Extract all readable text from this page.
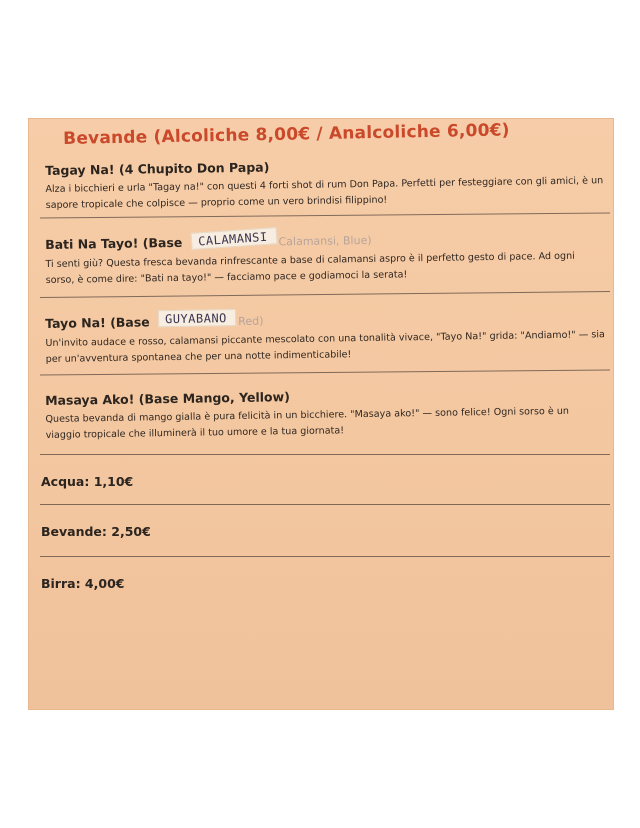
Bevande (Alcoliche 8,00€ / Analcoliche 6,00€)
Tagay Na! (4 Chupito Don Papa)
Alza i bicchieri e urla "Tagay na!" con questi 4 forti shot di rum Don Papa. Perfetti per festeggiare con gli amici, è un sapore tropicale che colpisce — proprio come un vero brindisi filippino!
Bati Na Tayo! (Base CALAMANSI Calamansi, Blue)
Ti senti giù? Questa fresca bevanda rinfrescante a base di calamansi aspro è il perfetto gesto di pace. Ad ogni sorso, è come dire: "Bati na tayo!" — facciamo pace e godiamoci la serata!
Tayo Na! (Base GUYABANO Red)
Un'invito audace e rosso, calamansi piccante mescolato con una tonalità vivace, "Tayo Na!" grida: "Andiamo!" — sia per un'avventura spontanea che per una notte indimenticabile!
Masaya Ako! (Base Mango, Yellow)
Questa bevanda di mango gialla è pura felicità in un bicchiere. "Masaya ako!" — sono felice! Ogni sorso è un viaggio tropicale che illuminerà il tuo umore e la tua giornata!
Acqua: 1,10€
Bevande: 2,50€
Birra: 4,00€
